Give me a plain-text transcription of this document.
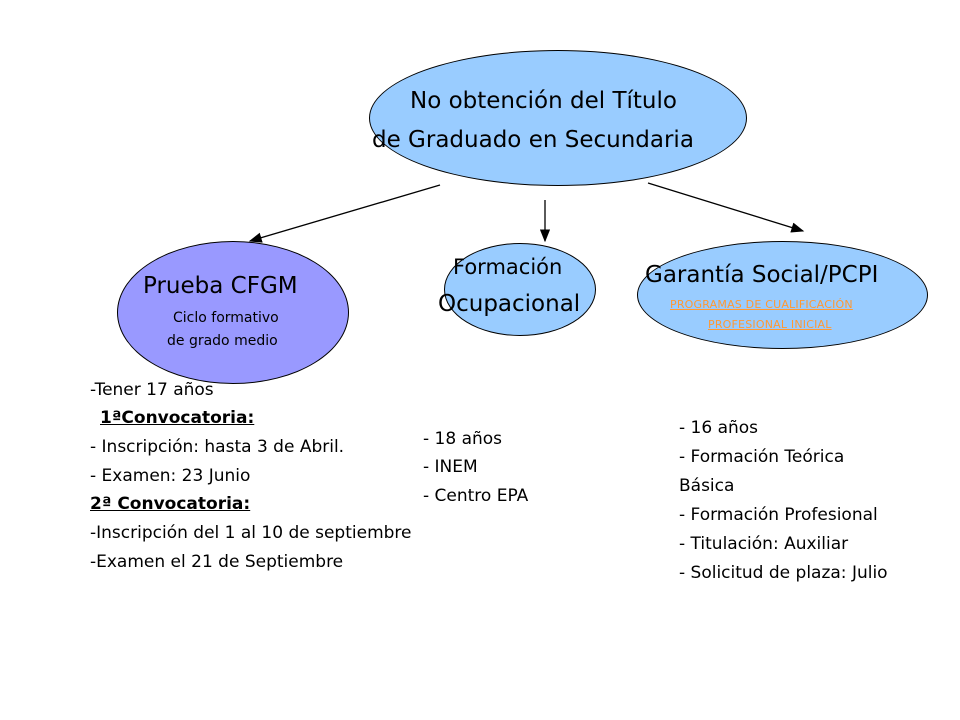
No obtención del Título
de Graduado en Secundaria
Prueba CFGM
Ciclo formativo
de grado medio
Formación
Ocupacional
Garantía Social/PCPI
PROGRAMAS DE CUALIFICACIÓN
PROFESIONAL INICIAL
-Tener 17 años
1ªConvocatoria:
- Inscripción: hasta 3 de Abril.
- Examen: 23 Junio
2ª Convocatoria:
-Inscripción del 1 al 10 de septiembre
-Examen el 21 de Septiembre
- 18 años
- INEM
- Centro EPA
- 16 años
- Formación Teórica
Básica
- Formación Profesional
- Titulación: Auxiliar
- Solicitud de plaza: Julio
